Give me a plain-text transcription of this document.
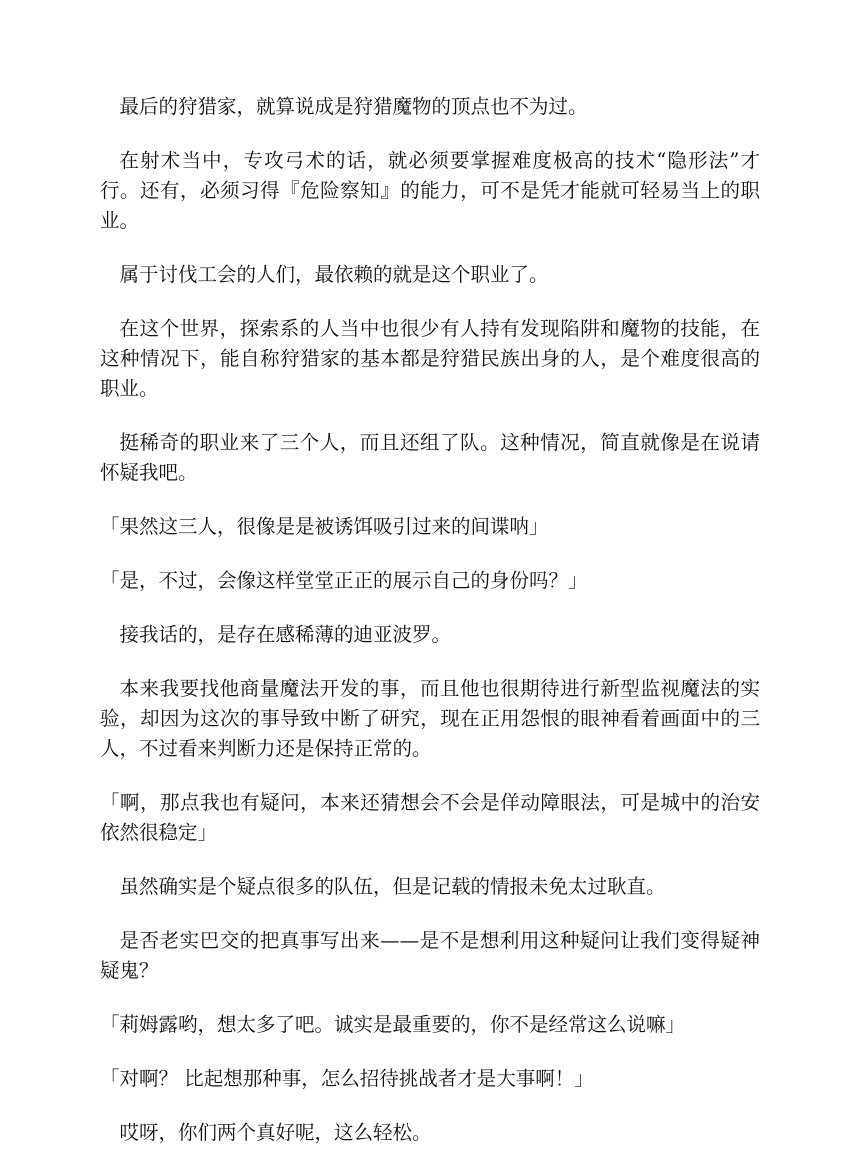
最后的狩猎家，就算说成是狩猎魔物的顶点也不为过。

在射术当中，专攻弓术的话，就必须要掌握难度极高的技术“隐形法”才行。还有，必须习得『危险察知』的能力，可不是凭才能就可轻易当上的职业。

属于讨伐工会的人们，最依赖的就是这个职业了。

在这个世界，探索系的人当中也很少有人持有发现陷阱和魔物的技能，在这种情况下，能自称狩猎家的基本都是狩猎民族出身的人，是个难度很高的职业。

挺稀奇的职业来了三个人，而且还组了队。这种情况，简直就像是在说请怀疑我吧。

「果然这三人，很像是是被诱饵吸引过来的间谍呐」

「是，不过，会像这样堂堂正正的展示自己的身份吗？」

接我话的，是存在感稀薄的迪亚波罗。

本来我要找他商量魔法开发的事，而且他也很期待进行新型监视魔法的实验，却因为这次的事导致中断了研究，现在正用怨恨的眼神看着画面中的三人，不过看来判断力还是保持正常的。

「啊，那点我也有疑问，本来还猜想会不会是佯动障眼法，可是城中的治安依然很稳定」

虽然确实是个疑点很多的队伍，但是记载的情报未免太过耿直。

是否老实巴交的把真事写出来——是不是想利用这种疑问让我们变得疑神疑鬼？

「莉姆露哟，想太多了吧。诚实是最重要的，你不是经常这么说嘛」

「对啊？ 比起想那种事，怎么招待挑战者才是大事啊！」

哎呀，你们两个真好呢，这么轻松。
